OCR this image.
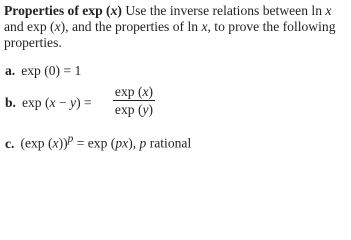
Properties of exp (x) Use the inverse relations between ln x and exp (x), and the properties of ln x, to prove the following properties.
a. exp (0) = 1
b. exp (x − y) =
exp (x)
exp (y)
c. (exp (x))$^p$ = exp (px), p rational
